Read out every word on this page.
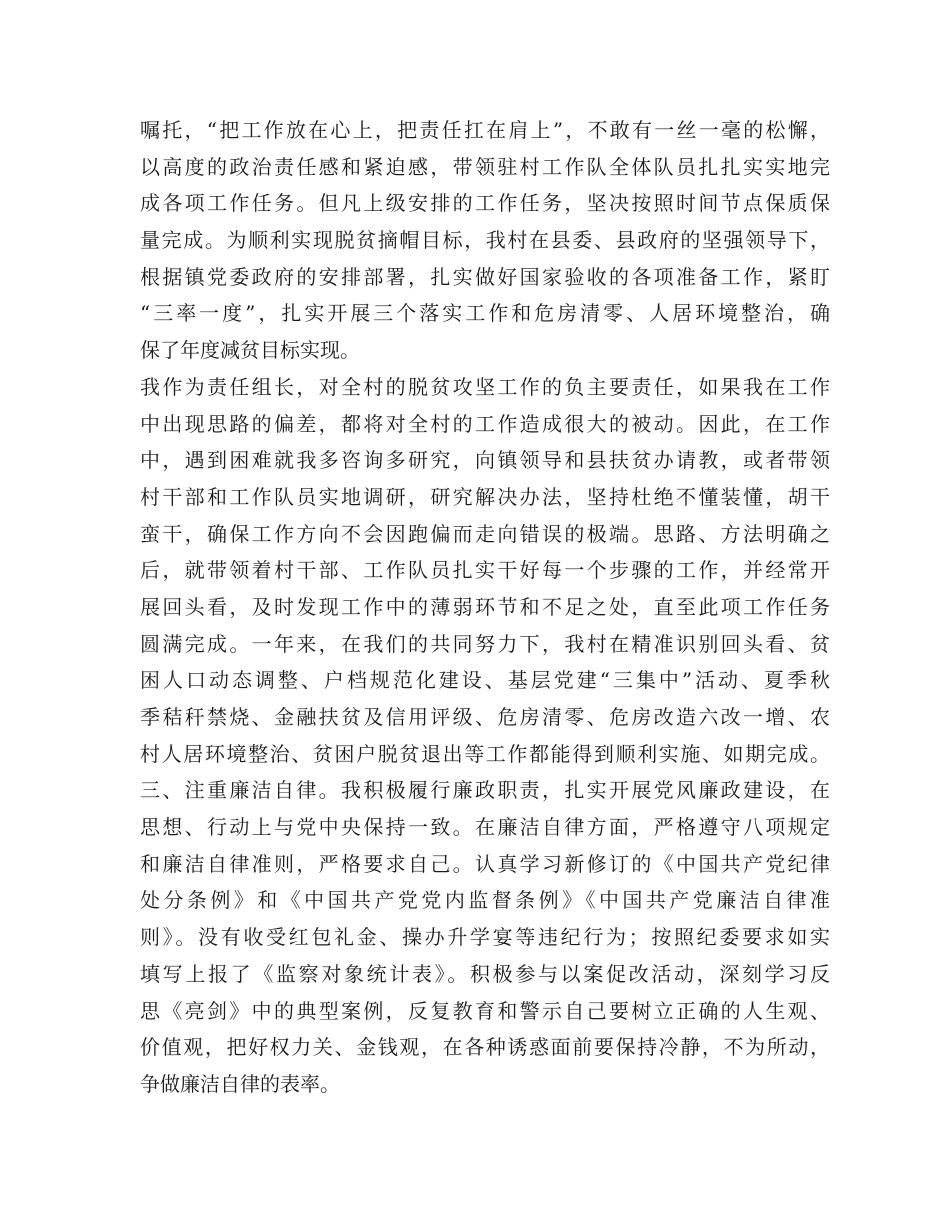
嘱托，“把工作放在心上，把责任扛在肩上”，不敢有一丝一毫的松懈，
以高度的政治责任感和紧迫感，带领驻村工作队全体队员扎扎实实地完
成各项工作任务。但凡上级安排的工作任务，坚决按照时间节点保质保
量完成。为顺利实现脱贫摘帽目标，我村在县委、县政府的坚强领导下，
根据镇党委政府的安排部署，扎实做好国家验收的各项准备工作，紧盯
“三率一度”，扎实开展三个落实工作和危房清零、人居环境整治，确
保了年度减贫目标实现。
我作为责任组长，对全村的脱贫攻坚工作的负主要责任，如果我在工作
中出现思路的偏差，都将对全村的工作造成很大的被动。因此，在工作
中，遇到困难就我多咨询多研究，向镇领导和县扶贫办请教，或者带领
村干部和工作队员实地调研，研究解决办法，坚持杜绝不懂装懂，胡干
蛮干，确保工作方向不会因跑偏而走向错误的极端。思路、方法明确之
后，就带领着村干部、工作队员扎实干好每一个步骤的工作，并经常开
展回头看，及时发现工作中的薄弱环节和不足之处，直至此项工作任务
圆满完成。一年来，在我们的共同努力下，我村在精准识别回头看、贫
困人口动态调整、户档规范化建设、基层党建“三集中”活动、夏季秋
季秸秆禁烧、金融扶贫及信用评级、危房清零、危房改造六改一增、农
村人居环境整治、贫困户脱贫退出等工作都能得到顺利实施、如期完成。
三、注重廉洁自律。我积极履行廉政职责，扎实开展党风廉政建设，在
思想、行动上与党中央保持一致。在廉洁自律方面，严格遵守八项规定
和廉洁自律准则，严格要求自己。认真学习新修订的《中国共产党纪律
处分条例》和《中国共产党党内监督条例》《中国共产党廉洁自律准
则》。没有收受红包礼金、操办升学宴等违纪行为；按照纪委要求如实
填写上报了《监察对象统计表》。积极参与以案促改活动，深刻学习反
思《亮剑》中的典型案例，反复教育和警示自己要树立正确的人生观、
价值观，把好权力关、金钱观，在各种诱惑面前要保持冷静，不为所动，
争做廉洁自律的表率。
